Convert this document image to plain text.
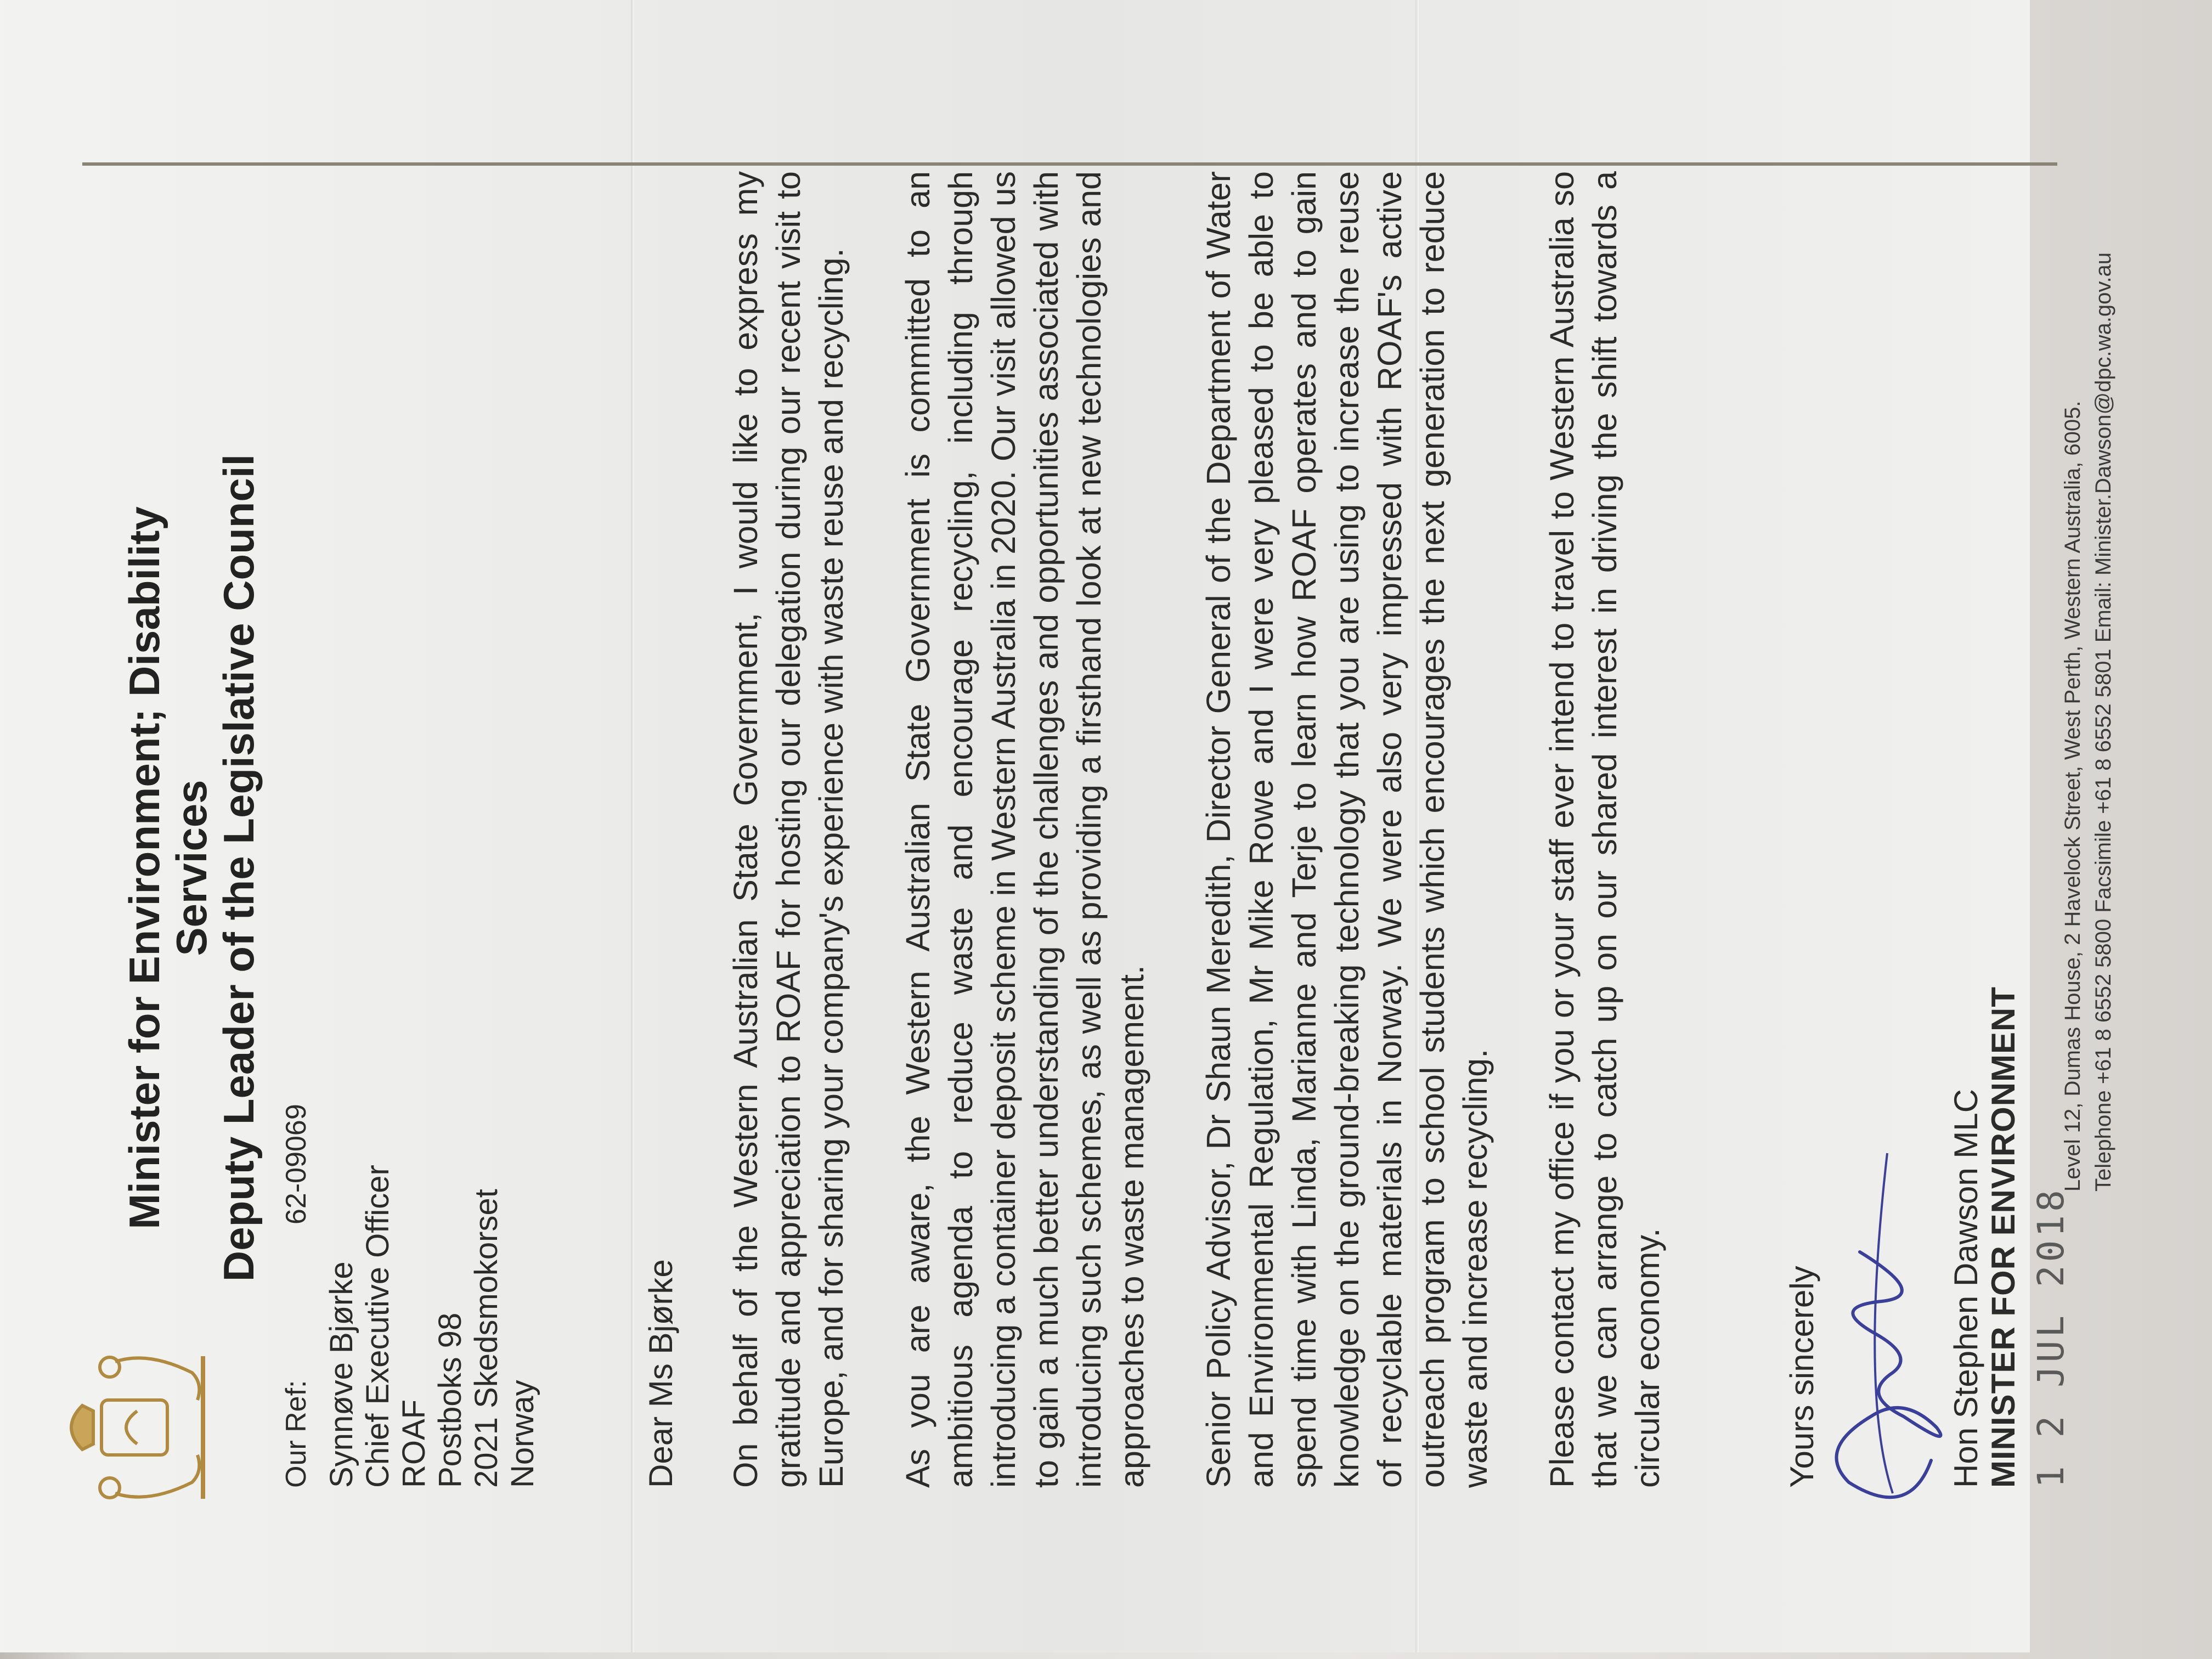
Minister for Environment; Disability Services
Deputy Leader of the Legislative Council
Our Ref:62-09069
Synnøve Bjørke Chief Executive Officer ROAF Postboks 98 2021 Skedsmokorset Norway	Dear Ms Bjørke On behalf of the Western Australian State Government, I would like to express my gratitude and appreciation to ROAF for hosting our delegation during our recent visit to Europe, and for sharing your company's experience with waste reuse and recycling. As you are aware, the Western Australian State Government is committed to an ambitious agenda to reduce waste and encourage recycling, including through introducing a container deposit scheme in Western Australia in 2020. Our visit allowed us to gain a much better understanding of the challenges and opportunities associated with introducing such schemes, as well as providing a firsthand look at new technologies and approaches to waste management. Senior Policy Advisor, Dr Shaun Meredith, Director General of the Department of Water and Environmental Regulation, Mr Mike Rowe and I were very pleased to be able to spend time with Linda, Marianne and Terje to learn how ROAF operates and to gain knowledge on the ground-breaking technology that you are using to increase the reuse of recyclable materials in Norway. We were also very impressed with ROAF's active outreach program to school students which encourages the next generation to reduce waste and increase recycling. Please contact my office if you or your staff ever intend to travel to Western Australia so that we can arrange to catch up on our shared interest in driving the shift towards a circular economy.	Yours sincerely	Hon Stephen Dawson MLC MINISTER FOR ENVIRONMENT 1 2 JUL 2018
Level 12, Dumas House, 2 Havelock Street, West Perth, Western Australia, 6005. Telephone +61 8 6552 5800 Facsimile +61 8 6552 5801 Email: Minister.Dawson@dpc.wa.gov.au
